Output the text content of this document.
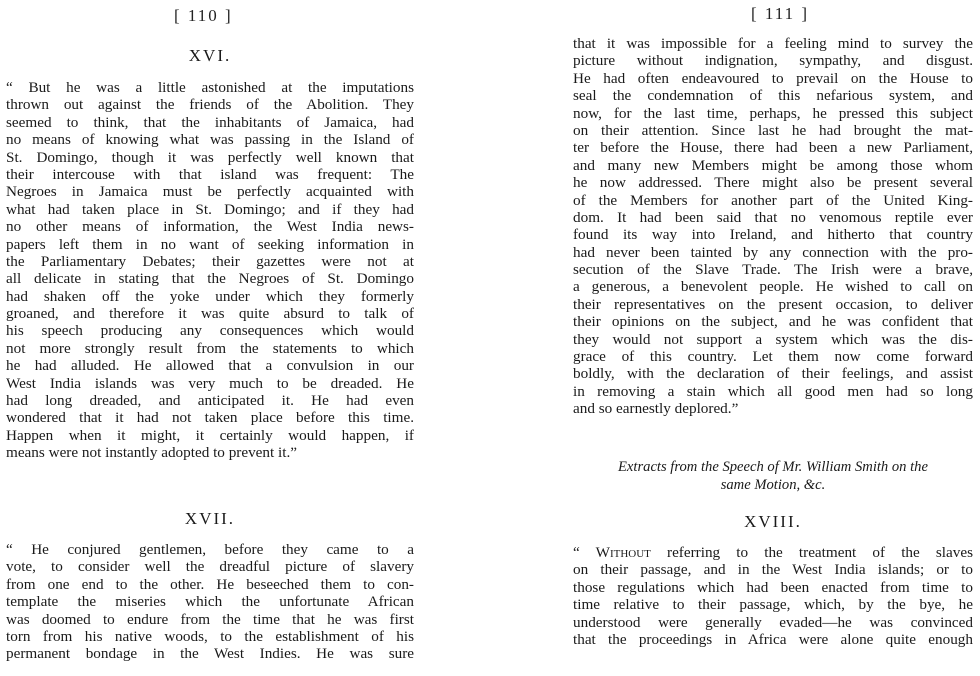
[ 110 ]
XVI.
“ But he was a little astonished at the imputations
thrown out against the friends of the Abolition. They
seemed to think, that the inhabitants of Jamaica, had
no means of knowing what was passing in the Island of
St. Domingo, though it was perfectly well known that
their intercouse with that island was frequent: The
Negroes in Jamaica must be perfectly acquainted with
what had taken place in St. Domingo; and if they had
no other means of information, the West India news-
papers left them in no want of seeking information in
the Parliamentary Debates; their gazettes were not at
all delicate in stating that the Negroes of St. Domingo
had shaken off the yoke under which they formerly
groaned, and therefore it was quite absurd to talk of
his speech producing any consequences which would
not more strongly result from the statements to which
he had alluded. He allowed that a convulsion in our
West India islands was very much to be dreaded. He
had long dreaded, and anticipated it. He had even
wondered that it had not taken place before this time.
Happen when it might, it certainly would happen, if
means were not instantly adopted to prevent it.”
XVII.
“ He conjured gentlemen, before they came to a
vote, to consider well the dreadful picture of slavery
from one end to the other. He beseeched them to con-
template the miseries which the unfortunate African
was doomed to endure from the time that he was first
torn from his native woods, to the establishment of his
permanent bondage in the West Indies. He was sure
[ 111 ]
that it was impossible for a feeling mind to survey the
picture without indignation, sympathy, and disgust.
He had often endeavoured to prevail on the House to
seal the condemnation of this nefarious system, and
now, for the last time, perhaps, he pressed this subject
on their attention. Since last he had brought the mat-
ter before the House, there had been a new Parliament,
and many new Members might be among those whom
he now addressed. There might also be present several
of the Members for another part of the United King-
dom. It had been said that no venomous reptile ever
found its way into Ireland, and hitherto that country
had never been tainted by any connection with the pro-
secution of the Slave Trade. The Irish were a brave,
a generous, a benevolent people. He wished to call on
their representatives on the present occasion, to deliver
their opinions on the subject, and he was confident that
they would not support a system which was the dis-
grace of this country. Let them now come forward
boldly, with the declaration of their feelings, and assist
in removing a stain which all good men had so long
and so earnestly deplored.”
Extracts from the Speech of Mr. William Smith on the
same Motion, &c.
XVIII.
“ Without referring to the treatment of the slaves
on their passage, and in the West India islands; or to
those regulations which had been enacted from time to
time relative to their passage, which, by the bye, he
understood were generally evaded—he was convinced
that the proceedings in Africa were alone quite enough
